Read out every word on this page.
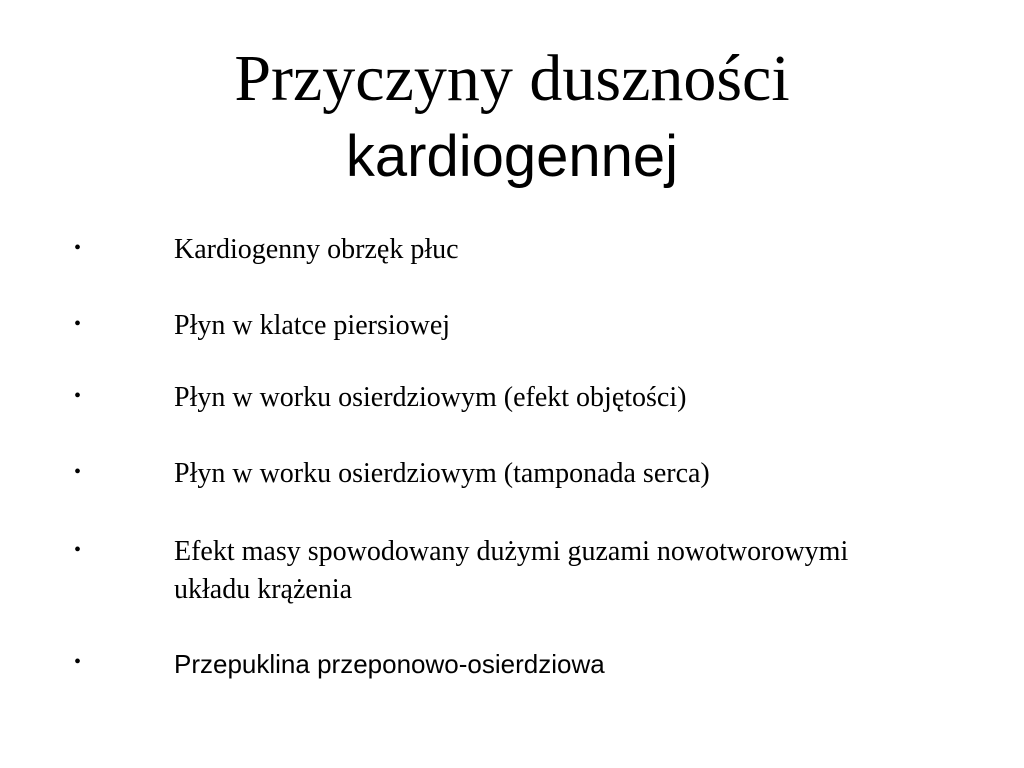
Przyczyny duszności
kardiogennej
•	Kardiogenny obrzęk płuc
•	Płyn w klatce piersiowej
•	Płyn w worku osierdziowym (efekt objętości)
•	Płyn w worku osierdziowym (tamponada serca)
•	Efekt masy spowodowany dużymi guzami nowotworowymi
układu krążenia
•	Przepuklina przeponowo-osierdziowa
